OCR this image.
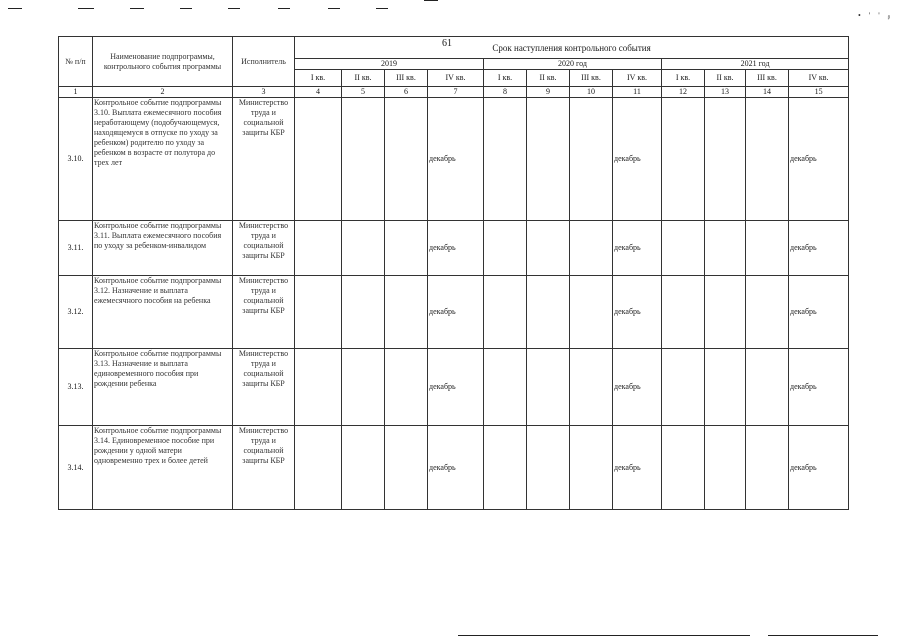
• ' ' ᵦ
61
№ п/п	Наименование подпрограммы, контрольного события программы	Исполнитель	Срок наступления контрольного события											
			2019				2020 год				2021 год			
			I кв.	II кв.	III кв.	IV кв.	I кв.	II кв.	III кв.	IV кв.	I кв.	II кв.	III кв.	IV кв.
1	2	3	4	5	6	7	8	9	10	11	12	13	14	15
3.10.	Контрольное событие подпрограммы 3.10. Выплата ежемесячного пособия неработающему (подобучающемуся, находящемуся в отпуске по уходу за ребенком) родителю по уходу за ребенком в возрасте от полутора до трех лет	Министерство труда и социальной защиты КБР				декабрь				декабрь				декабрь
3.11.	Контрольное событие подпрограммы 3.11. Выплата ежемесячного пособия по уходу за ребенком-инвалидом	Министерство труда и социальной защиты КБР				декабрь				декабрь				декабрь
3.12.	Контрольное событие подпрограммы 3.12. Назначение и выплата ежемесячного пособия на ребенка	Министерство труда и социальной защиты КБР				декабрь				декабрь				декабрь
3.13.	Контрольное событие подпрограммы 3.13. Назначение и выплата единовременного пособия при рождении ребенка	Министерство труда и социальной защиты КБР				декабрь				декабрь				декабрь
3.14.	Контрольное событие подпрограммы 3.14. Единовременное пособие при рождении у одной матери одновременно трех и более детей	Министерство труда и социальной защиты КБР				декабрь				декабрь				декабрь
